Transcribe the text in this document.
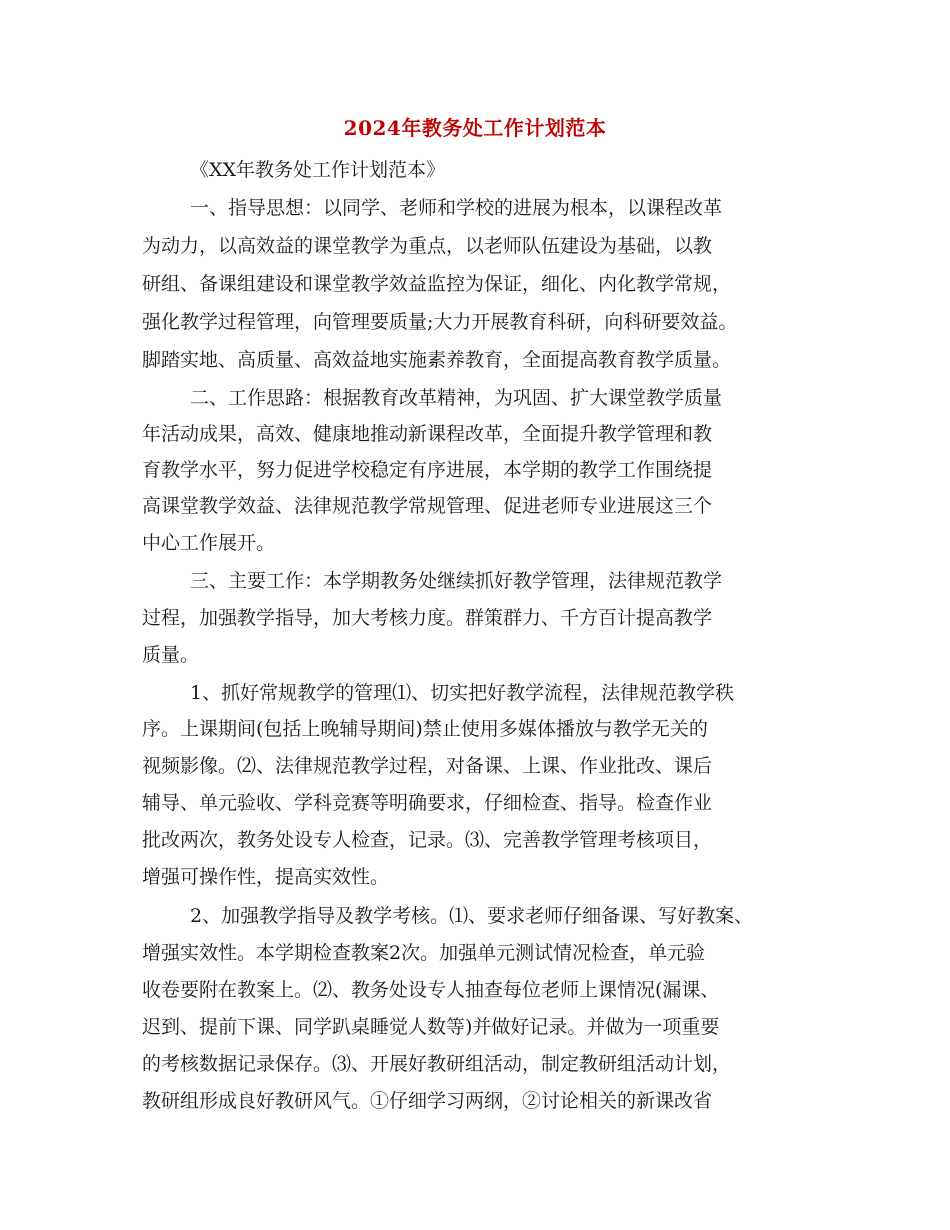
2024年教务处工作计划范本
《XX年教务处工作计划范本》
一、指导思想：以同学、老师和学校的进展为根本，以课程改革
为动力，以高效益的课堂教学为重点，以老师队伍建设为基础，以教
研组、备课组建设和课堂教学效益监控为保证，细化、内化教学常规，
强化教学过程管理，向管理要质量;大力开展教育科研，向科研要效益。
脚踏实地、高质量、高效益地实施素养教育，全面提高教育教学质量。
二、工作思路：根据教育改革精神，为巩固、扩大课堂教学质量
年活动成果，高效、健康地推动新课程改革，全面提升教学管理和教
育教学水平，努力促进学校稳定有序进展，本学期的教学工作围绕提
高课堂教学效益、法律规范教学常规管理、促进老师专业进展这三个
中心工作展开。
三、主要工作：本学期教务处继续抓好教学管理，法律规范教学
过程，加强教学指导，加大考核力度。群策群力、千方百计提高教学
质量。
1、抓好常规教学的管理⑴、切实把好教学流程，法律规范教学秩
序。上课期间(包括上晚辅导期间)禁止使用多媒体播放与教学无关的
视频影像。⑵、法律规范教学过程，对备课、上课、作业批改、课后
辅导、单元验收、学科竞赛等明确要求，仔细检查、指导。检查作业
批改两次，教务处设专人检查，记录。⑶、完善教学管理考核项目，
增强可操作性，提高实效性。
2、加强教学指导及教学考核。⑴、要求老师仔细备课、写好教案、
增强实效性。本学期检查教案2次。加强单元测试情况检查，单元验
收卷要附在教案上。⑵、教务处设专人抽查每位老师上课情况(漏课、
迟到、提前下课、同学趴桌睡觉人数等)并做好记录。并做为一项重要
的考核数据记录保存。⑶、开展好教研组活动，制定教研组活动计划，
教研组形成良好教研风气。①仔细学习两纲，②讨论相关的新课改省
